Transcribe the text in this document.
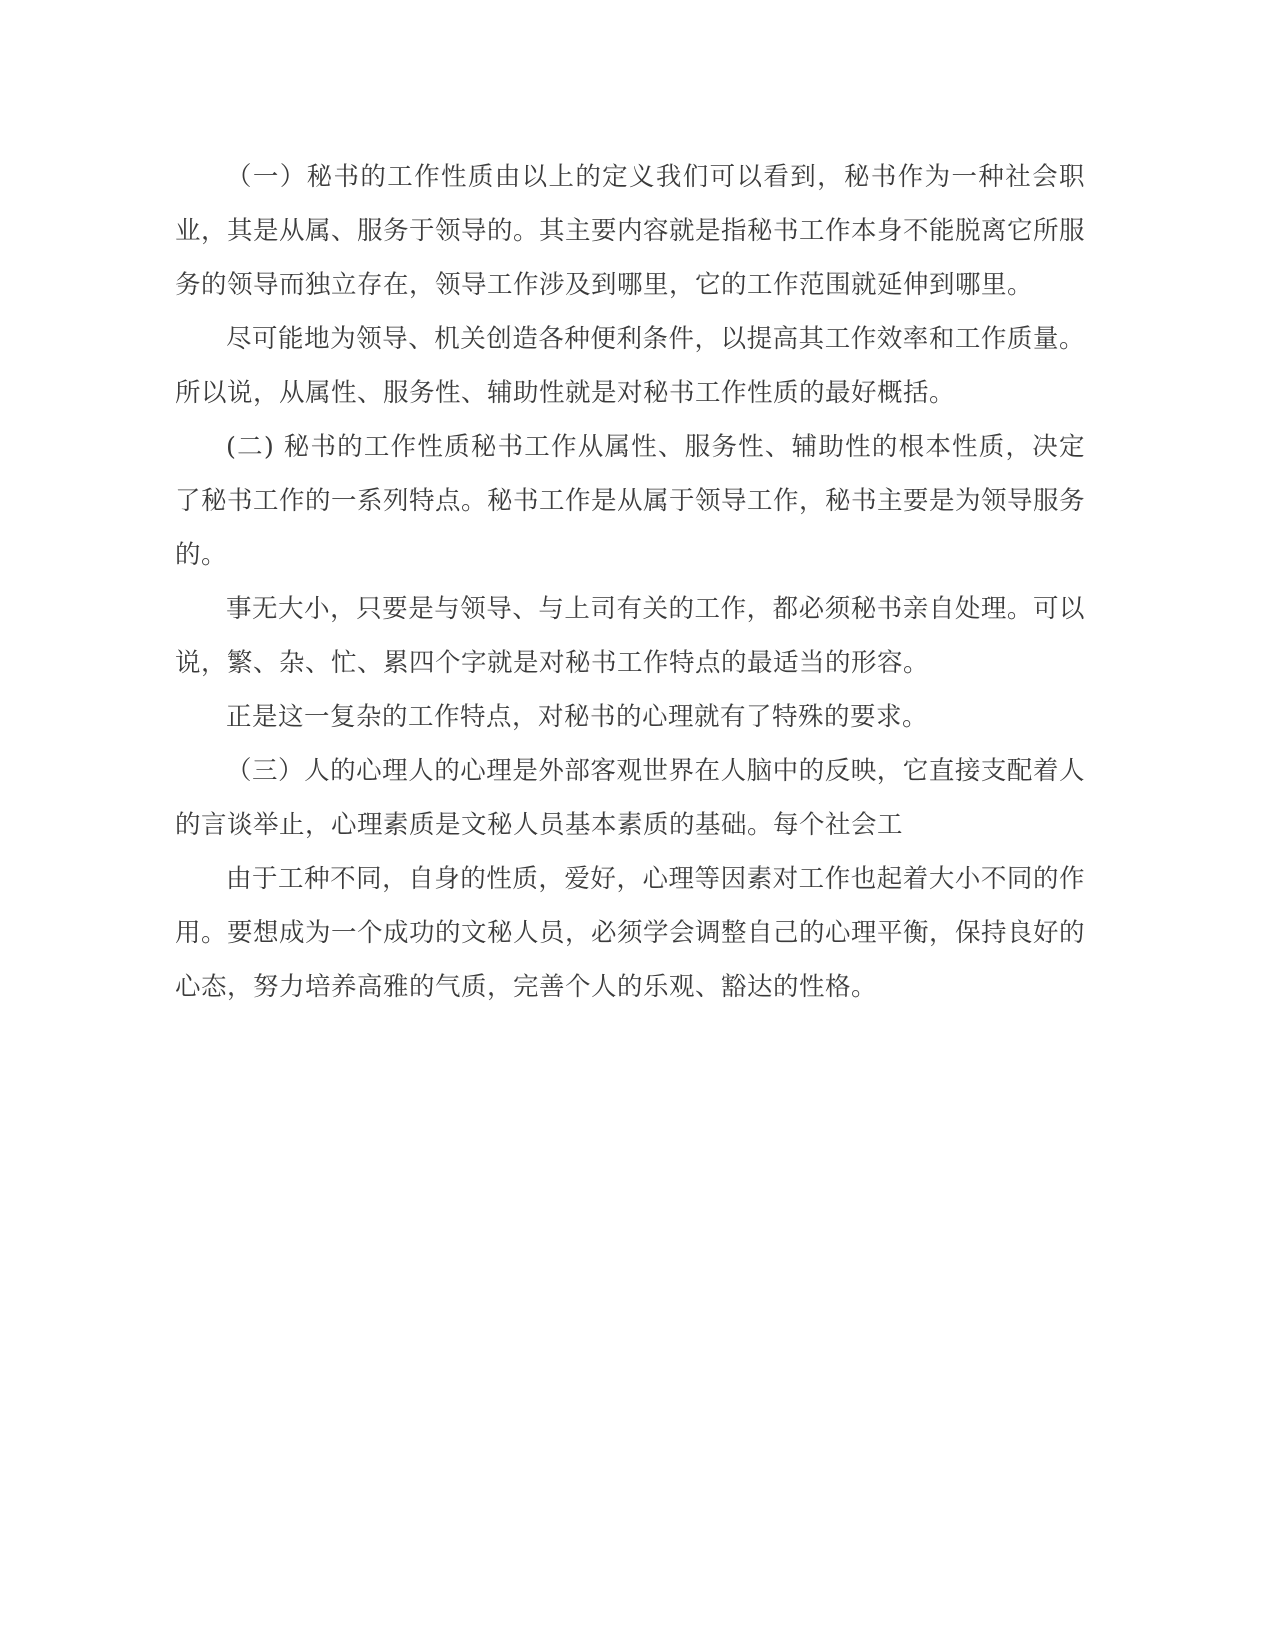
（一）秘书的工作性质由以上的定义我们可以看到，秘书作为一种社会职业，其是从属、服务于领导的。其主要内容就是指秘书工作本身不能脱离它所服务的领导而独立存在，领导工作涉及到哪里，它的工作范围就延伸到哪里。

尽可能地为领导、机关创造各种便利条件，以提高其工作效率和工作质量。所以说，从属性、服务性、辅助性就是对秘书工作性质的最好概括。

(二) 秘书的工作性质秘书工作从属性、服务性、辅助性的根本性质，决定了秘书工作的一系列特点。秘书工作是从属于领导工作，秘书主要是为领导服务的。

事无大小，只要是与领导、与上司有关的工作，都必须秘书亲自处理。可以说，繁、杂、忙、累四个字就是对秘书工作特点的最适当的形容。

正是这一复杂的工作特点，对秘书的心理就有了特殊的要求。

（三）人的心理人的心理是外部客观世界在人脑中的反映，它直接支配着人的言谈举止，心理素质是文秘人员基本素质的基础。每个社会工

由于工种不同，自身的性质，爱好，心理等因素对工作也起着大小不同的作用。要想成为一个成功的文秘人员，必须学会调整自己的心理平衡，保持良好的心态，努力培养高雅的气质，完善个人的乐观、豁达的性格。
